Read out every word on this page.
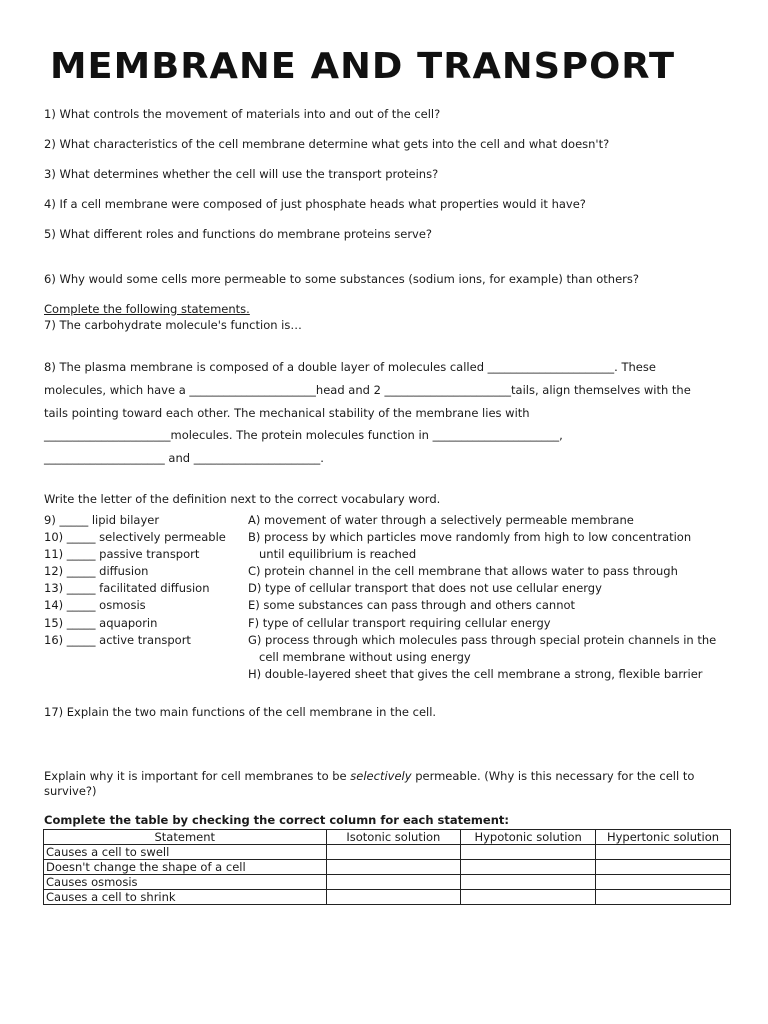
MEMBRANE AND TRANSPORT
1) What controls the movement of materials into and out of the cell?
2) What characteristics of the cell membrane determine what gets into the cell and what doesn't?
3) What determines whether the cell will use the transport proteins?
4) If a cell membrane were composed of just phosphate heads what properties would it have?
5) What different roles and functions do membrane proteins serve?
6) Why would some cells more permeable to some substances (sodium ions, for example) than others?
Complete the following statements.
7) The carbohydrate molecule's function is…
8) The plasma membrane is composed of a double layer of molecules called ______________________. These
molecules, which have a ______________________head and 2 ______________________tails, align themselves with the
tails pointing toward each other. The mechanical stability of the membrane lies with
______________________molecules. The protein molecules function in ______________________,
_____________________ and ______________________.
Write the letter of the definition next to the correct vocabulary word.
9) _____ lipid bilayer
10) _____ selectively permeable
11) _____ passive transport
12) _____ diffusion
13) _____ facilitated diffusion
14) _____ osmosis
15) _____ aquaporin
16) _____ active transport
A) movement of water through a selectively permeable membrane
B) process by which particles move randomly from high to low concentration
until equilibrium is reached
C) protein channel in the cell membrane that allows water to pass through
D) type of cellular transport that does not use cellular energy
E) some substances can pass through and others cannot
F) type of cellular transport requiring cellular energy
G) process through which molecules pass through special protein channels in the
cell membrane without using energy
H) double-layered sheet that gives the cell membrane a strong, flexible barrier
17) Explain the two main functions of the cell membrane in the cell.
Explain why it is important for cell membranes to be selectively permeable. (Why is this necessary for the cell to
survive?)
Complete the table by checking the correct column for each statement:
Statement	Isotonic solution	Hypotonic solution	Hypertonic solution
Causes a cell to swell			
Doesn't change the shape of a cell			
Causes osmosis			
Causes a cell to shrink			
